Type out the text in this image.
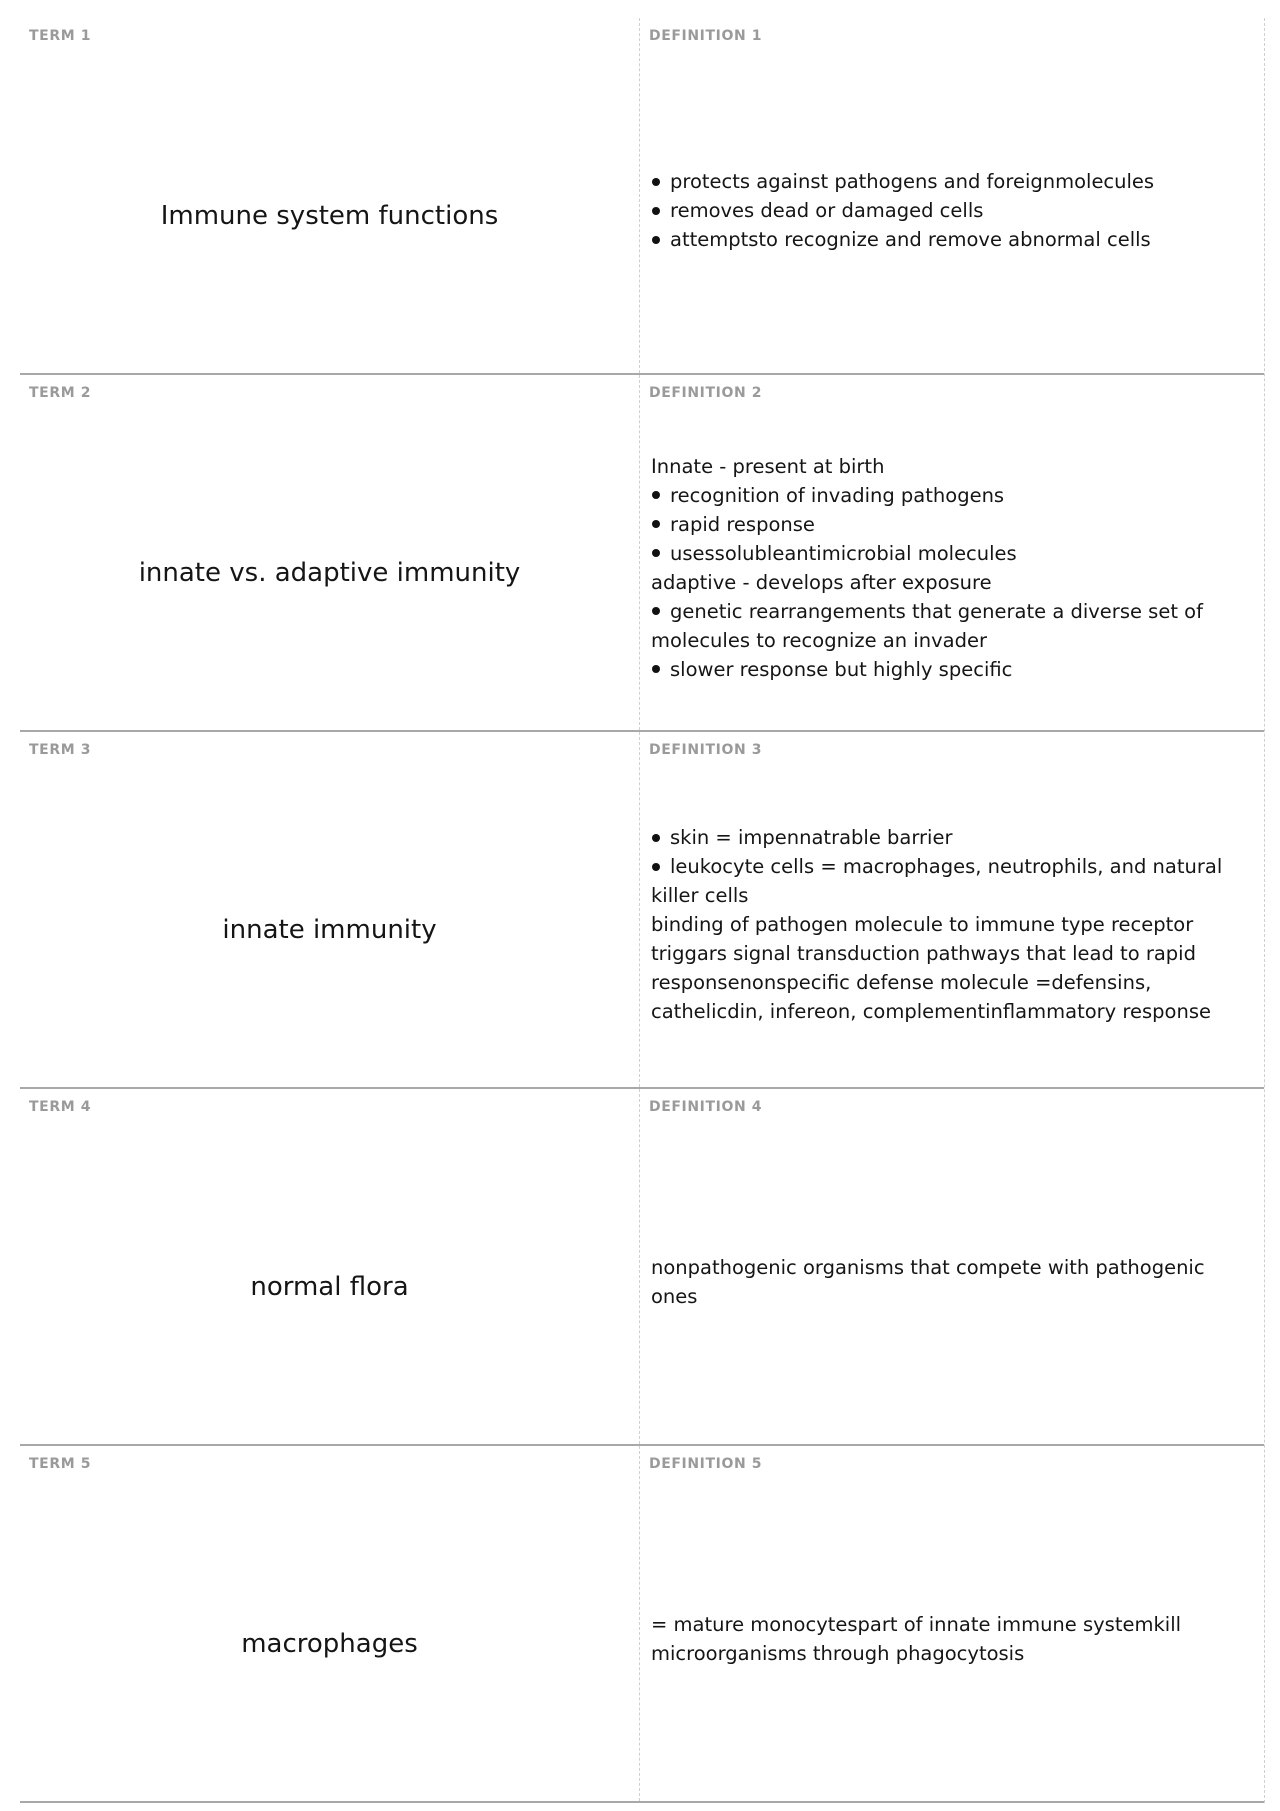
TERM 1
Immune system functions
DEFINITION 1
protects against pathogens and foreignmolecules
removes dead or damaged cells
attemptsto recognize and remove abnormal cells
TERM 2
innate vs. adaptive immunity
DEFINITION 2
Innate - present at birth
recognition of invading pathogens
rapid response
usessolubleantimicrobial molecules
adaptive - develops after exposure
genetic rearrangements that generate a diverse set of molecules to recognize an invader
slower response but highly specific
TERM 3
innate immunity
DEFINITION 3
skin = impennatrable barrier
leukocyte cells = macrophages, neutrophils, and natural killer cells
binding of pathogen molecule to immune type receptor triggars signal transduction pathways that lead to rapid responsenonspecific defense molecule =defensins, cathelicdin, infereon, complementinflammatory response
TERM 4
normal flora
DEFINITION 4
nonpathogenic organisms that compete with pathogenic ones
TERM 5
macrophages
DEFINITION 5
= mature monocytespart of innate immune systemkill microorganisms through phagocytosis
